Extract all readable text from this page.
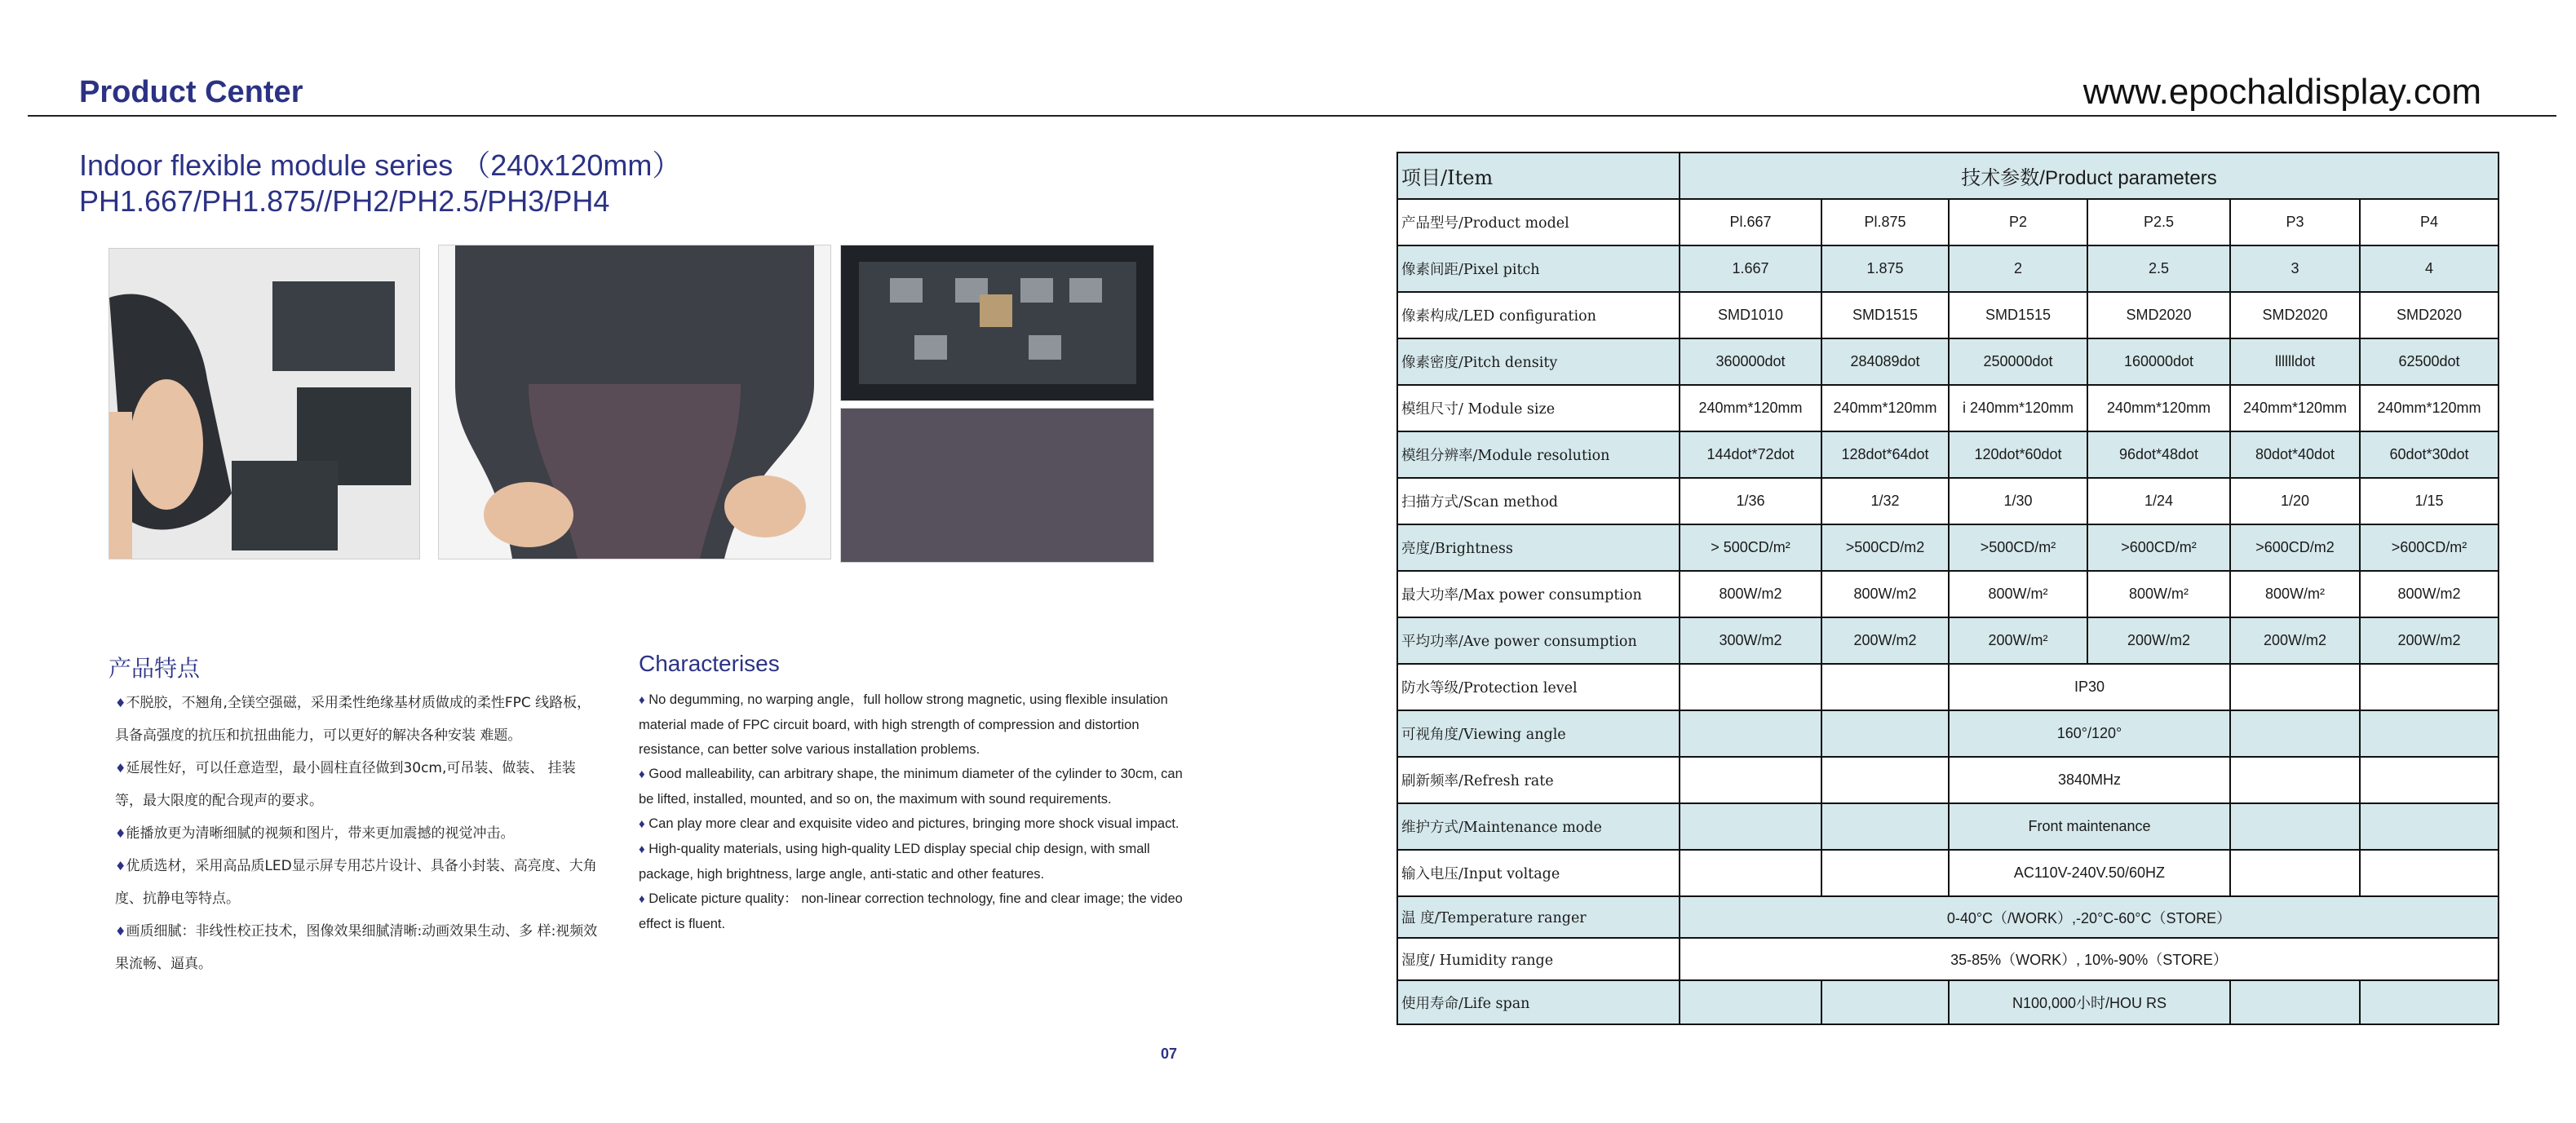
Product Center	www.epochaldisplay.com
Indoor flexible module series （240x120mm）
PH1.667/PH1.875//PH2/PH2.5/PH3/PH4
产品特点
♦不脱胶，不翘角,全镁空强磁，采用柔性绝缘基材质做成的柔性FPC 线路板，具备高强度的抗压和抗扭曲能力，可以更好的解决各种安装 难题。
♦延展性好，可以任意造型，最小圆柱直径做到30cm,可吊装、做装、 挂装等，最大限度的配合现声的要求。
♦能播放更为清晰细腻的视频和图片，带来更加震撼的视觉冲击。
♦优质选材，采用高品质LED显示屏专用芯片设计、具备小封装、高亮度、大角度、抗静电等特点。
♦画质细腻：非线性校正技术，图像效果细腻清晰:动画效果生动、多 样:视频效果流畅、逼真。
Characterises
♦ No degumming, no warping angle，full hollow strong magnetic, using flexible insulation material made of FPC circuit board, with high strength of compression and distortion resistance, can better solve various installation problems.
♦ Good malleability, can arbitrary shape, the minimum diameter of the cylinder to 30cm, can be lifted, installed, mounted, and so on, the maximum with sound requirements.
♦ Can play more clear and exquisite video and pictures, bringing more shock visual impact.
♦ High-quality materials, using high-quality LED display special chip design, with small package, high brightness, large angle, anti-static and other features.
♦ Delicate picture quality： non-linear correction technology, fine and clear image; the video effect is fluent.
07
项目/Item	技术参数/Product parameters					
产品型号/Product model	Pl.667	Pl.875	P2	P2.5	P3	P4
像素间距/Pixel pitch	1.667	1.875	2	2.5	3	4
像素构成/LED configuration	SMD1010	SMD1515	SMD1515	SMD2020	SMD2020	SMD2020
像素密度/Pitch density	360000dot	284089dot	250000dot	160000dot	lllllldot	62500dot
模组尺寸/ Module size	240mm*120mm	240mm*120mm	i 240mm*120mm	240mm*120mm	240mm*120mm	240mm*120mm
模组分辨率/Module resolution	144dot*72dot	128dot*64dot	120dot*60dot	96dot*48dot	80dot*40dot	60dot*30dot
扫描方式/Scan method	1/36	1/32	1/30	1/24	1/20	1/15
亮度/Brightness	> 500CD/m²	>500CD/m2	>500CD/m²	>600CD/m²	>600CD/m2	>600CD/m²
最大功率/Max power consumption	800W/m2	800W/m2	800W/m²	800W/m²	800W/m²	800W/m2
平均功率/Ave power consumption	300W/m2	200W/m2	200W/m²	200W/m2	200W/m2	200W/m2
防水等级/Protection level			IP30			
可视角度/Viewing angle			160°/120°			
刷新频率/Refresh rate			3840MHz			
维护方式/Maintenance mode			Front maintenance			
输入电压/Input voltage			AC110V-240V.50/60HZ			
温 度/Temperature ranger	0-40°C（/WORK）,-20°C-60°C（STORE）					
湿度/ Humidity range	35-85%（WORK）, 10%-90%（STORE）					
使用寿命/Life span			N100,000小时/HOU RS			
